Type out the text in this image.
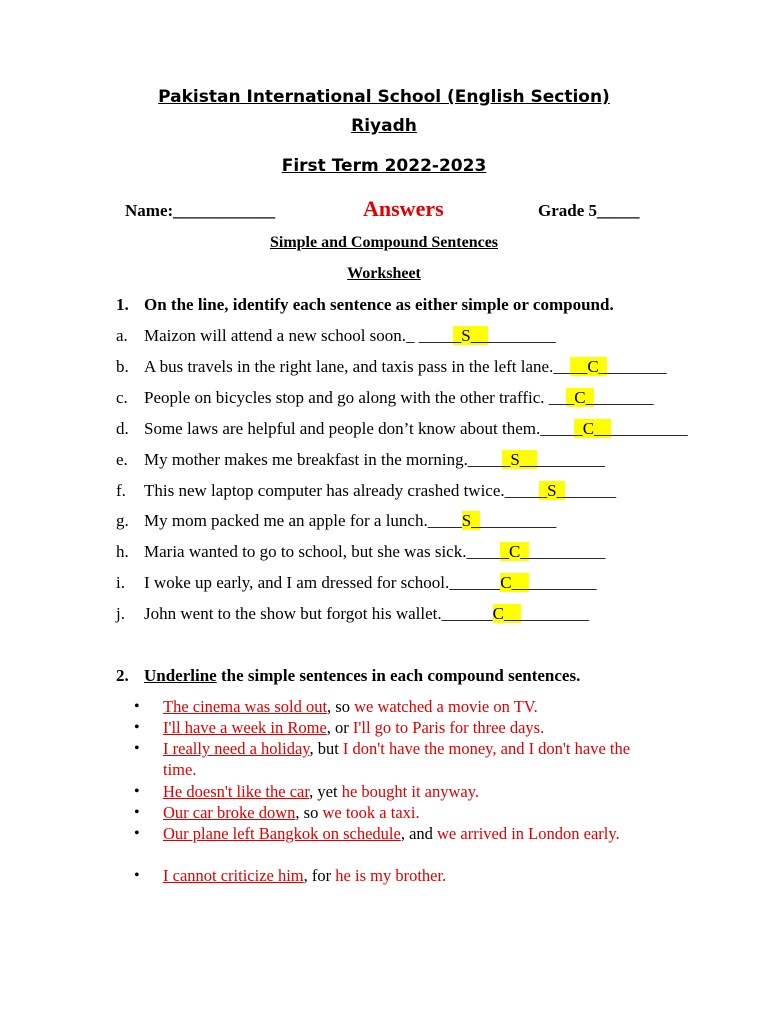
Pakistan International School (English Section)
Riyadh
First Term 2022-2023
Name:____________	Answers	Grade 5_____
Simple and Compound Sentences
Worksheet
1. On the line, identify each sentence as either simple or compound.
a. Maizon will attend a new school soon._ _____S__________
b. A bus travels in the right lane, and taxis pass in the left lane.____C________
c. People on bicycles stop and go along with the other traffic. ___C________
d. Some laws are helpful and people don’t know about them._____C___________
e. My mother makes me breakfast in the morning._____S__________
f. This new laptop computer has already crashed twice._____S_______
g. My mom packed me an apple for a lunch.____S__________
h. Maria wanted to go to school, but she was sick._____C__________
i. I woke up early, and I am dressed for school.______C__________
j. John went to the show but forgot his wallet.______C__________
2. Underline the simple sentences in each compound sentences.
• The cinema was sold out, so we watched a movie on TV.
• I'll have a week in Rome, or I'll go to Paris for three days.
• I really need a holiday, but I don't have the money, and I don't have the time.
• He doesn't like the car, yet he bought it anyway.
• Our car broke down, so we took a taxi.
• Our plane left Bangkok on schedule, and we arrived in London early.
• I cannot criticize him, for he is my brother.
